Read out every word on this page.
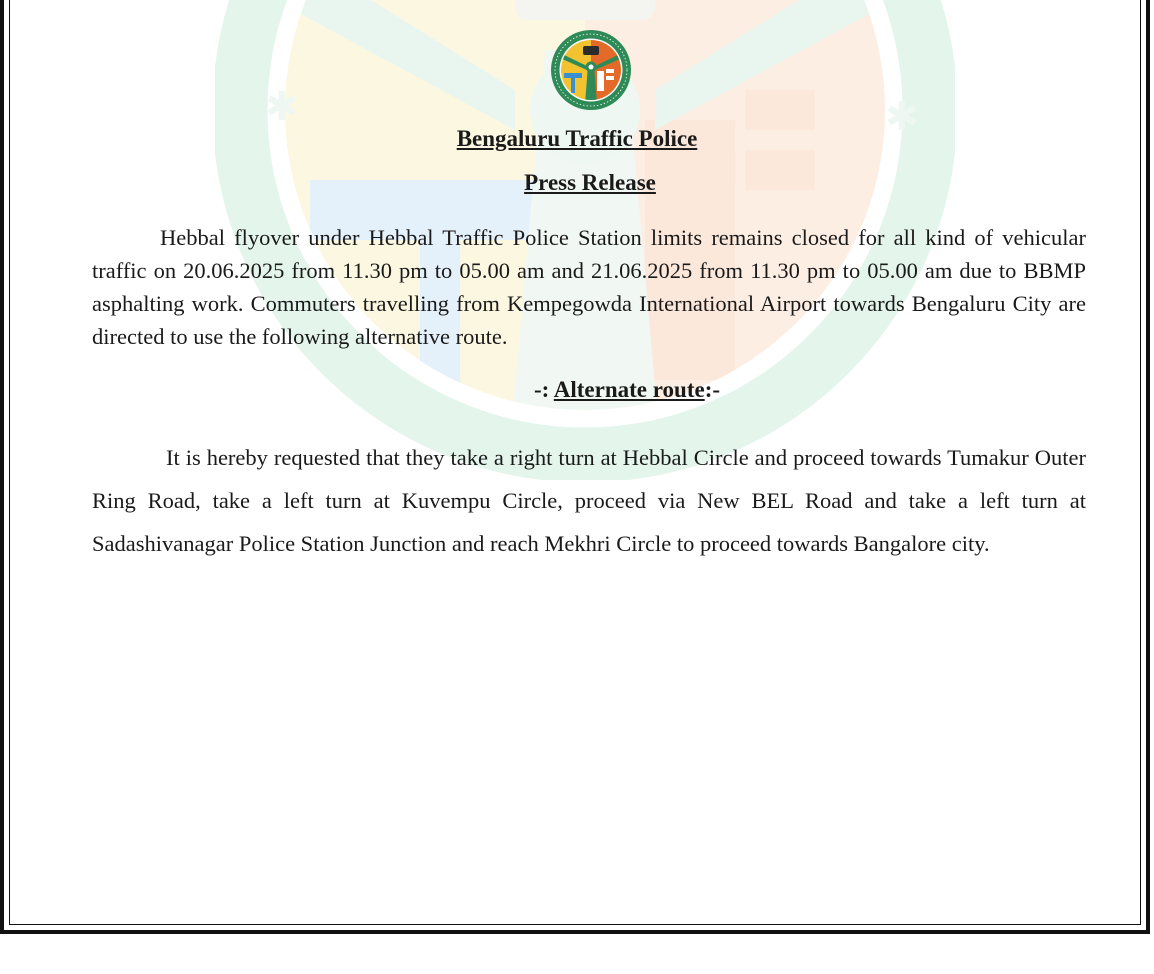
✱	✱
Bengaluru Traffic Police
Press Release

Hebbal flyover under Hebbal Traffic Police Station limits remains closed for all kind of vehicular traffic on 20.06.2025 from 11.30 pm to 05.00 am and 21.06.2025 from 11.30 pm to 05.00 am due to BBMP asphalting work. Commuters travelling from Kempegowda International Airport towards Bengaluru City are directed to use the following alternative route.

-: Alternate route:-

It is hereby requested that they take a right turn at Hebbal Circle and proceed towards Tumakur Outer Ring Road, take a left turn at Kuvempu Circle, proceed via New BEL Road and take a left turn at Sadashivanagar Police Station Junction and reach Mekhri Circle to proceed towards Bangalore city.
